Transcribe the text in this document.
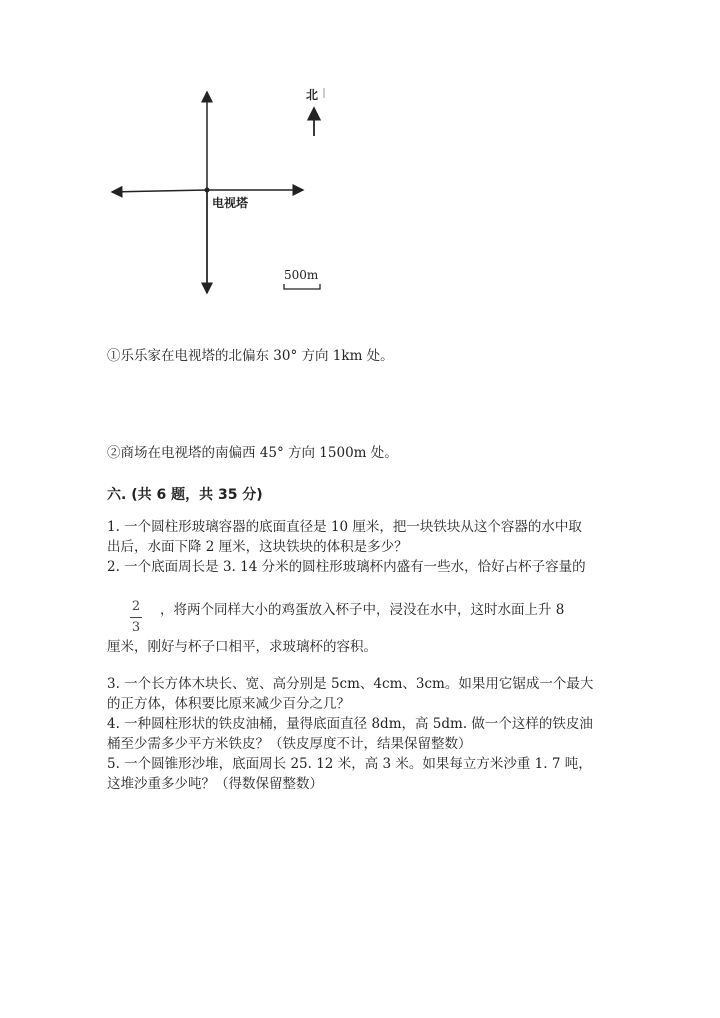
电视塔
北
500m
①乐乐家在电视塔的北偏东 30° 方向 1km 处。
②商场在电视塔的南偏西 45° 方向 1500m 处。
六. (共 6 题，共 35 分)
1. 一个圆柱形玻璃容器的底面直径是 10 厘米，把一块铁块从这个容器的水中取
出后，水面下降 2 厘米，这块铁块的体积是多少？
2. 一个底面周长是 3. 14 分米的圆柱形玻璃杯内盛有一些水，恰好占杯子容量的
2
3
，将两个同样大小的鸡蛋放入杯子中，浸没在水中，这时水面上升 8
厘米，刚好与杯子口相平，求玻璃杯的容积。
3. 一个长方体木块长、宽、高分别是 5cm、4cm、3cm。如果用它锯成一个最大
的正方体，体积要比原来减少百分之几？
4. 一种圆柱形状的铁皮油桶，量得底面直径 8dm，高 5dm. 做一个这样的铁皮油
桶至少需多少平方米铁皮？（铁皮厚度不计，结果保留整数）
5. 一个圆锥形沙堆，底面周长 25. 12 米，高 3 米。如果每立方米沙重 1. 7 吨，
这堆沙重多少吨？（得数保留整数）
